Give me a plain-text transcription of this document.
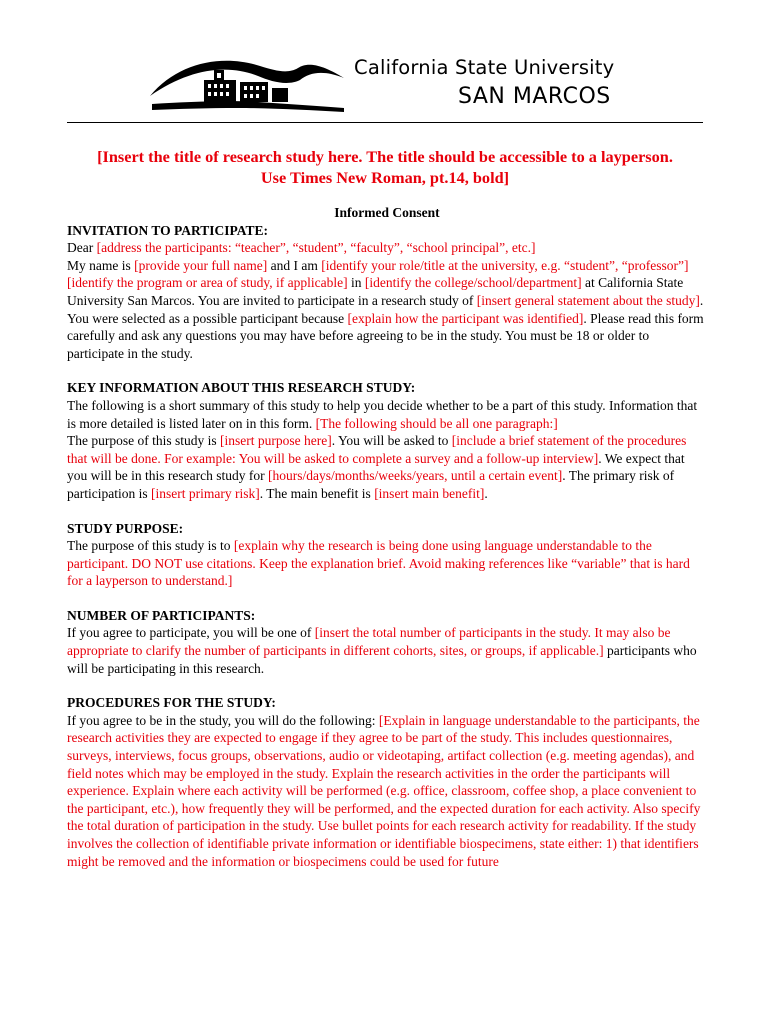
California State University
SAN MARCOS
[Insert the title of research study here. The title should be accessible to a layperson.
Use Times New Roman, pt.14, bold]

Informed Consent

INVITATION TO PARTICIPATE:

Dear [address the participants: “teacher”, “student”, “faculty”, “school principal”, etc.]

My name is [provide your full name] and I am [identify your role/title at the university, e.g. “student”, “professor”] [identify the program or area of study, if applicable] in [identify the college/school/department] at California State University San Marcos. You are invited to participate in a research study of [insert general statement about the study]. You were selected as a possible participant because [explain how the participant was identified]. Please read this form carefully and ask any questions you may have before agreeing to be in the study. You must be 18 or older to participate in the study.

KEY INFORMATION ABOUT THIS RESEARCH STUDY:

The following is a short summary of this study to help you decide whether to be a part of this study. Information that is more detailed is listed later on in this form. [The following should be all one paragraph:]

The purpose of this study is [insert purpose here]. You will be asked to [include a brief statement of the procedures that will be done. For example: You will be asked to complete a survey and a follow-up interview]. We expect that you will be in this research study for [hours/days/months/weeks/years, until a certain event]. The primary risk of participation is [insert primary risk]. The main benefit is [insert main benefit].

STUDY PURPOSE:

The purpose of this study is to [explain why the research is being done using language understandable to the participant. DO NOT use citations. Keep the explanation brief. Avoid making references like “variable” that is hard for a layperson to understand.]

NUMBER OF PARTICIPANTS:

If you agree to participate, you will be one of [insert the total number of participants in the study. It may also be appropriate to clarify the number of participants in different cohorts, sites, or groups, if applicable.] participants who will be participating in this research.

PROCEDURES FOR THE STUDY:

If you agree to be in the study, you will do the following: [Explain in language understandable to the participants, the research activities they are expected to engage if they agree to be part of the study. This includes questionnaires, surveys, interviews, focus groups, observations, audio or videotaping, artifact collection (e.g. meeting agendas), and field notes which may be employed in the study. Explain the research activities in the order the participants will experience. Explain where each activity will be performed (e.g. office, classroom, coffee shop, a place convenient to the participant, etc.), how frequently they will be performed, and the expected duration for each activity. Also specify the total duration of participation in the study. Use bullet points for each research activity for readability. If the study involves the collection of identifiable private information or identifiable biospecimens, state either: 1) that identifiers might be removed and the information or biospecimens could be used for future
